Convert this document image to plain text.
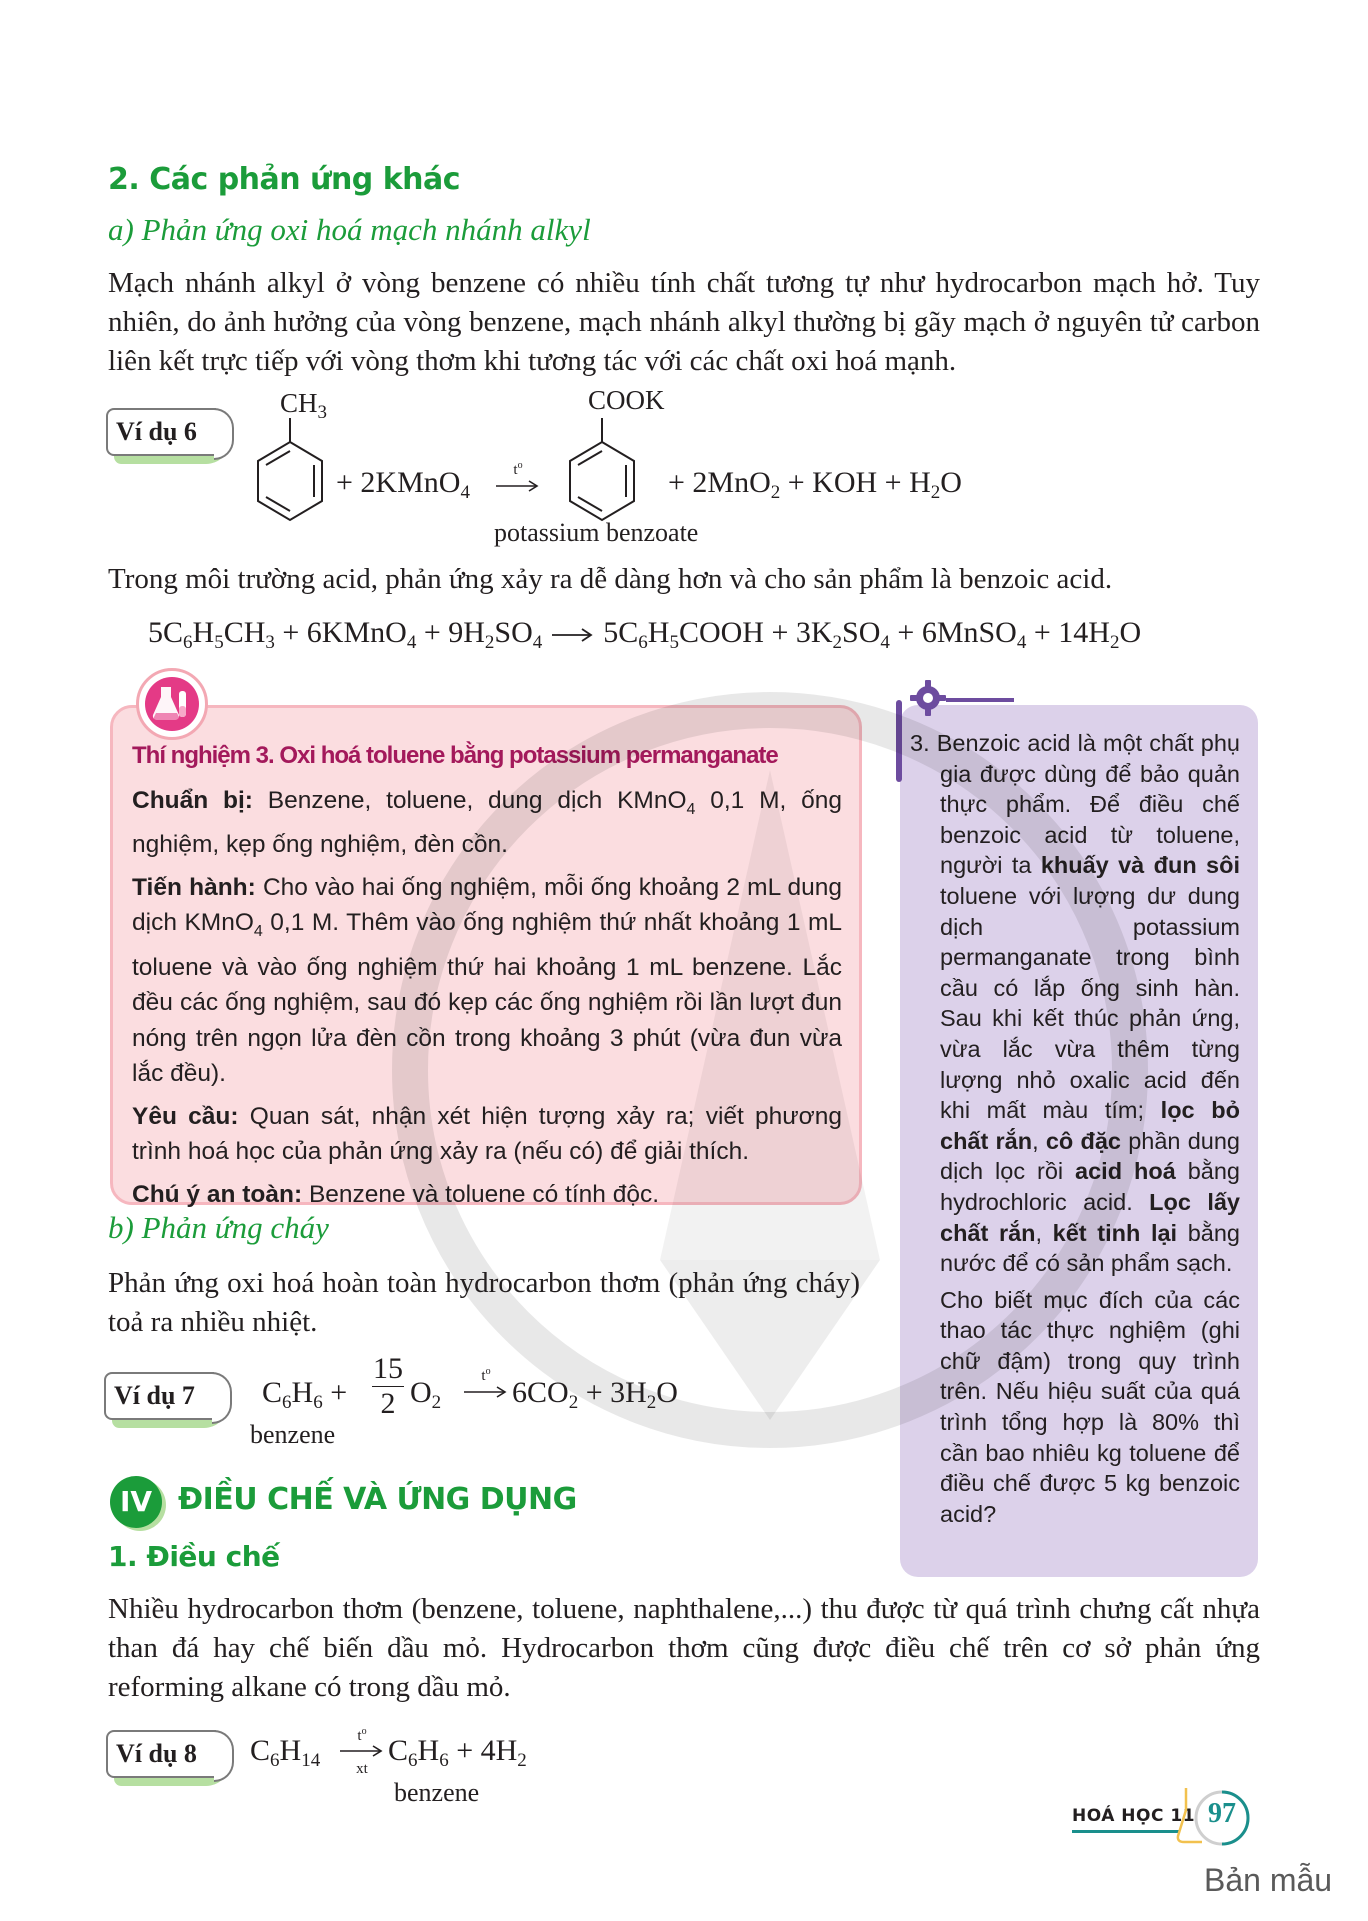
2. Các phản ứng khác
a) Phản ứng oxi hoá mạch nhánh alkyl
Mạch nhánh alkyl ở vòng benzene có nhiều tính chất tương tự như hydrocarbon mạch hở. Tuy nhiên, do ảnh hưởng của vòng benzene, mạch nhánh alkyl thường bị gãy mạch ở nguyên tử carbon liên kết trực tiếp với vòng thơm khi tương tác với các chất oxi hoá mạnh.
Ví dụ 6
$CH_3$
+ 2KMnO$_4$
$t^o$
COOK
+ 2MnO$_2$ + KOH + $H_2O$
potassium benzoate
Trong môi trường acid, phản ứng xảy ra dễ dàng hơn và cho sản phẩm là benzoic acid.
$5C_6H_5CH_3$ + 6KMnO$_4$ + $9H_2SO_4$  $5C_6H_5COOH + 3K_2SO_4$ + 6MnSO$_4$ + $14H_2O$
Thí nghiệm 3. Oxi hoá toluene bằng potassium permanganate
Chuẩn bị: Benzene, toluene, dung dịch KMnO$_4$ 0,1 M, ống nghiệm, kẹp ống nghiệm, đèn cồn.
Tiến hành: Cho vào hai ống nghiệm, mỗi ống khoảng 2 mL dung dịch KMnO$_4$ 0,1 M. Thêm vào ống nghiệm thứ nhất khoảng 1 mL toluene và vào ống nghiệm thứ hai khoảng 1 mL benzene. Lắc đều các ống nghiệm, sau đó kẹp các ống nghiệm rồi lần lượt đun nóng trên ngọn lửa đèn cồn trong khoảng 3 phút (vừa đun vừa lắc đều).
Yêu cầu: Quan sát, nhận xét hiện tượng xảy ra; viết phương trình hoá học của phản ứng xảy ra (nếu có) để giải thích.
Chú ý an toàn: Benzene và toluene có tính độc.
3. Benzoic acid là một chất phụ gia được dùng để bảo quản thực phẩm. Để điều chế benzoic acid từ toluene, người ta khuấy và đun sôi toluene với lượng dư dung dịch potassium permanganate trong bình cầu có lắp ống sinh hàn. Sau khi kết thúc phản ứng, vừa lắc vừa thêm từng lượng nhỏ oxalic acid đến khi mất màu tím; lọc bỏ chất rắn, cô đặc phần dung dịch lọc rồi acid hoá bằng hydrochloric acid. Lọc lấy chất rắn, kết tinh lại bằng nước để có sản phẩm sạch.
Cho biết mục đích của các thao tác thực nghiệm (ghi chữ đậm) trong quy trình trên. Nếu hiệu suất của quá trình tổng hợp là 80% thì cần bao nhiêu kg toluene để điều chế được 5 kg benzoic acid?
b) Phản ứng cháy
Phản ứng oxi hoá hoàn toàn hydrocarbon thơm (phản ứng cháy) toả ra nhiều nhiệt.
Ví dụ 7	$C_6H_6$ +
15
2 $O_2$
$t^o$
$6CO_2 + 3H_2O$
benzene
IV ĐIỀU CHẾ VÀ ỨNG DỤNG
1. Điều chế
Nhiều hydrocarbon thơm (benzene, toluene, naphthalene,...) thu được từ quá trình chưng cất nhựa than đá hay chế biến dầu mỏ. Hydrocarbon thơm cũng được điều chế trên cơ sở phản ứng reforming alkane có trong dầu mỏ.
Ví dụ 8	$C_6H_{14}$
$t^o$
xt
$C_6H_6 + 4H_2$
benzene
HOÁ HỌC 11 97
Bản mẫu
